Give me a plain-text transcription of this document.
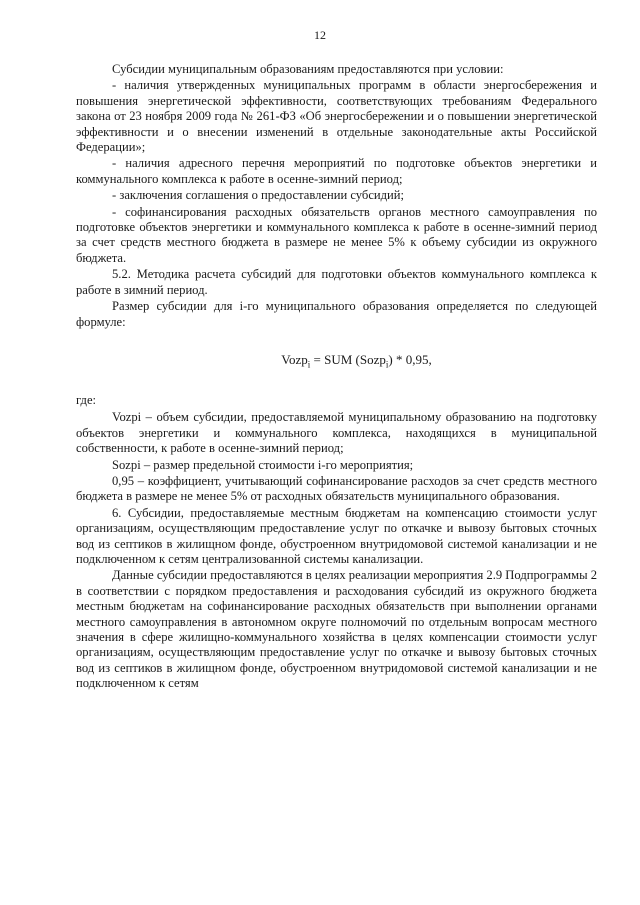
12

Субсидии муниципальным образованиям предоставляются при условии:

- наличия утвержденных муниципальных программ в области энергосбережения и повышения энергетической эффективности, соответствующих требованиям Федерального закона от 23 ноября 2009 года № 261-ФЗ «Об энергосбережении и о повышении энергетической эффективности и о внесении изменений в отдельные законодательные акты Российской Федерации»;

- наличия адресного перечня мероприятий по подготовке объектов энергетики и коммунального комплекса к работе в осенне-зимний период;

- заключения соглашения о предоставлении субсидий;

- софинансирования расходных обязательств органов местного самоуправления по подготовке объектов энергетики и коммунального комплекса к работе в осенне-зимний период за счет средств местного бюджета в размере не менее 5% к объему субсидии из окружного бюджета.

5.2. Методика расчета субсидий для подготовки объектов коммунального комплекса к работе в зимний период.

Размер субсидии для i-го муниципального образования определяется по следующей формуле:

Vozp$_i$ = SUM (Sozp$_i$) * 0,95,

где:

Vozpi – объем субсидии, предоставляемой муниципальному образованию на подготовку объектов энергетики и коммунального комплекса, находящихся в муниципальной собственности, к работе в осенне-зимний период;

Sozpi – размер предельной стоимости i-го мероприятия;

0,95 – коэффициент, учитывающий софинансирование расходов за счет средств местного бюджета в размере не менее 5% от расходных обязательств муниципального образования.

6. Субсидии, предоставляемые местным бюджетам на компенсацию стоимости услуг организациям, осуществляющим предоставление услуг по откачке и вывозу бытовых сточных вод из септиков в жилищном фонде, обустроенном внутридомовой системой канализации и не подключенном к сетям централизованной системы канализации.

Данные субсидии предоставляются в целях реализации мероприятия 2.9 Подпрограммы 2 в соответствии с порядком предоставления и расходования субсидий из окружного бюджета местным бюджетам на софинансирование расходных обязательств при выполнении органами местного самоуправления в автономном округе полномочий по отдельным вопросам местного значения в сфере жилищно-коммунального хозяйства в целях компенсации стоимости услуг организациям, осуществляющим предоставление услуг по откачке и вывозу бытовых сточных вод из септиков в жилищном фонде, обустроенном внутридомовой системой канализации и не подключенном к сетям
